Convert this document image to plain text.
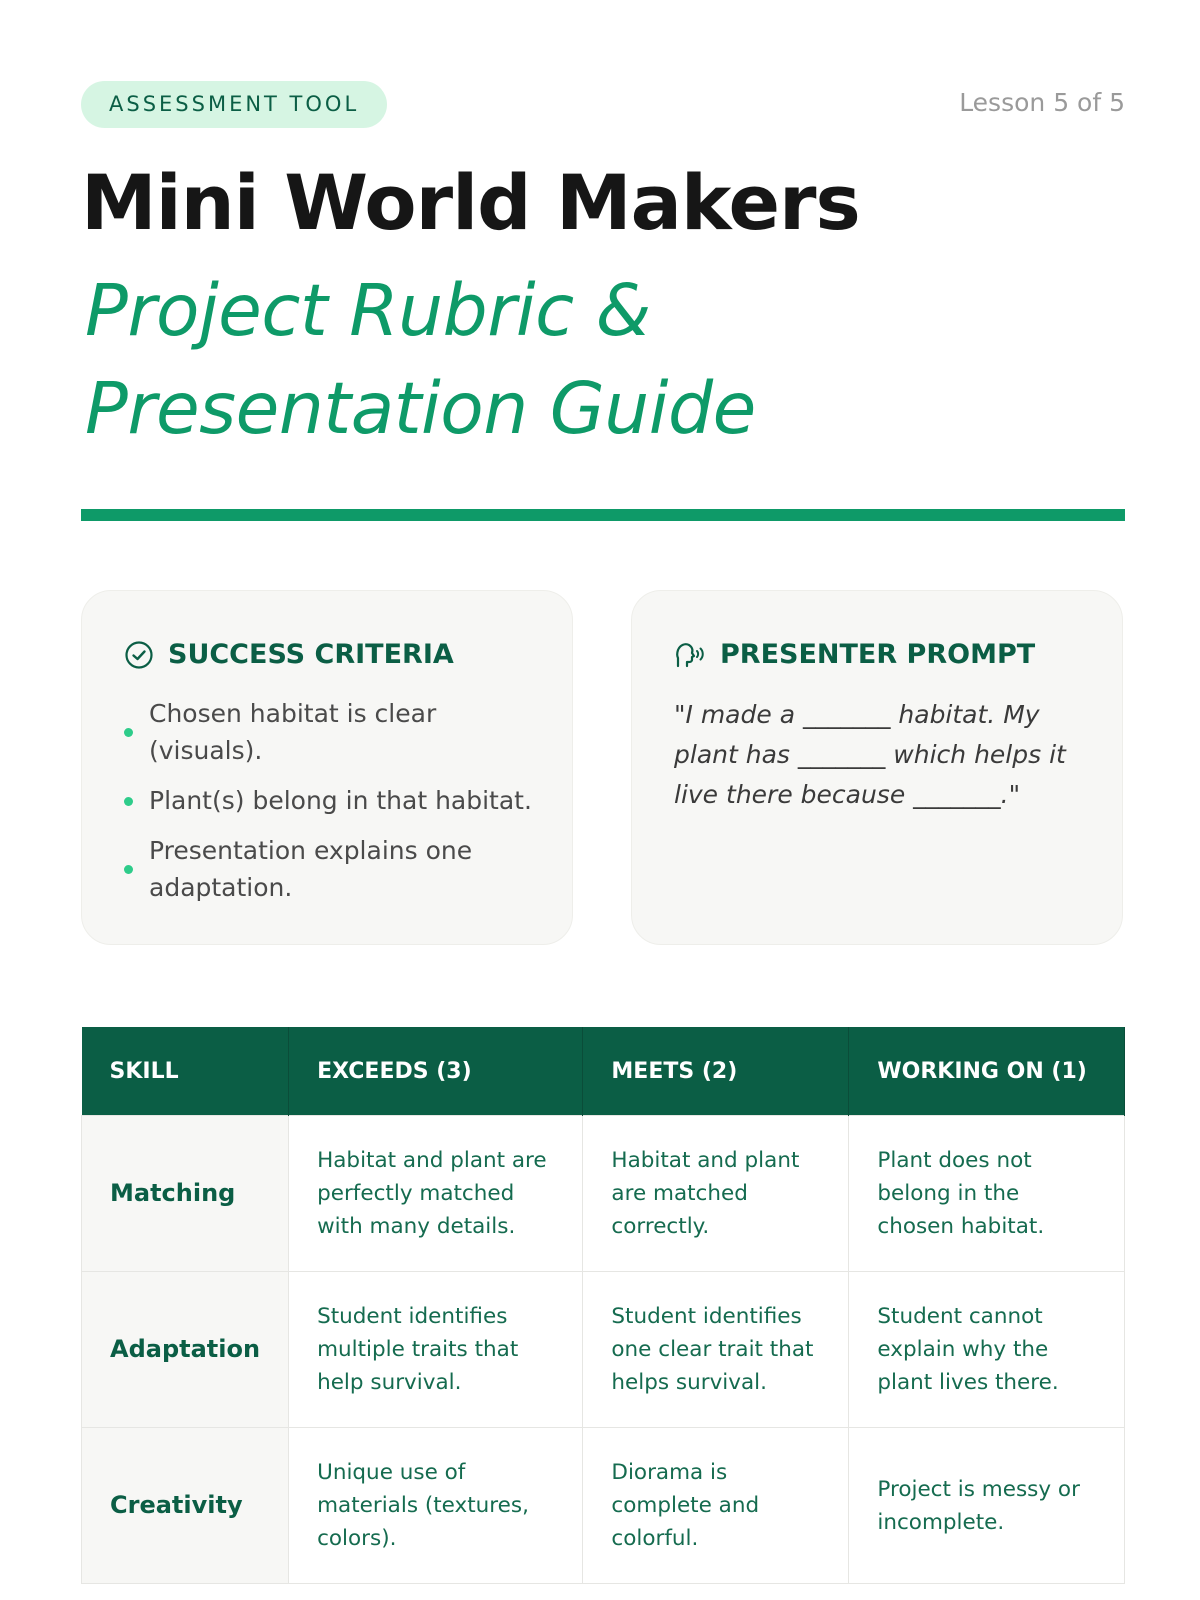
ASSESSMENT TOOL	Lesson 5 of 5
Mini World Makers
Project Rubric &
Presentation Guide
SUCCESS CRITERIA
Chosen habitat is clear (visuals).
Plant(s) belong in that habitat.
Presentation explains one adaptation.
PRESENTER PROMPT
"I made a _______ habitat. My plant has _______ which helps it live there because _______."
SKILL	EXCEEDS (3)	MEETS (2)	WORKING ON (1)
Matching	Habitat and plant are perfectly matched with many details.	Habitat and plant are matched correctly.	Plant does not belong in the chosen habitat.
Adaptation	Student identifies multiple traits that help survival.	Student identifies one clear trait that helps survival.	Student cannot explain why the plant lives there.
Creativity	Unique use of materials (textures, colors).	Diorama is complete and colorful.	Project is messy or incomplete.
